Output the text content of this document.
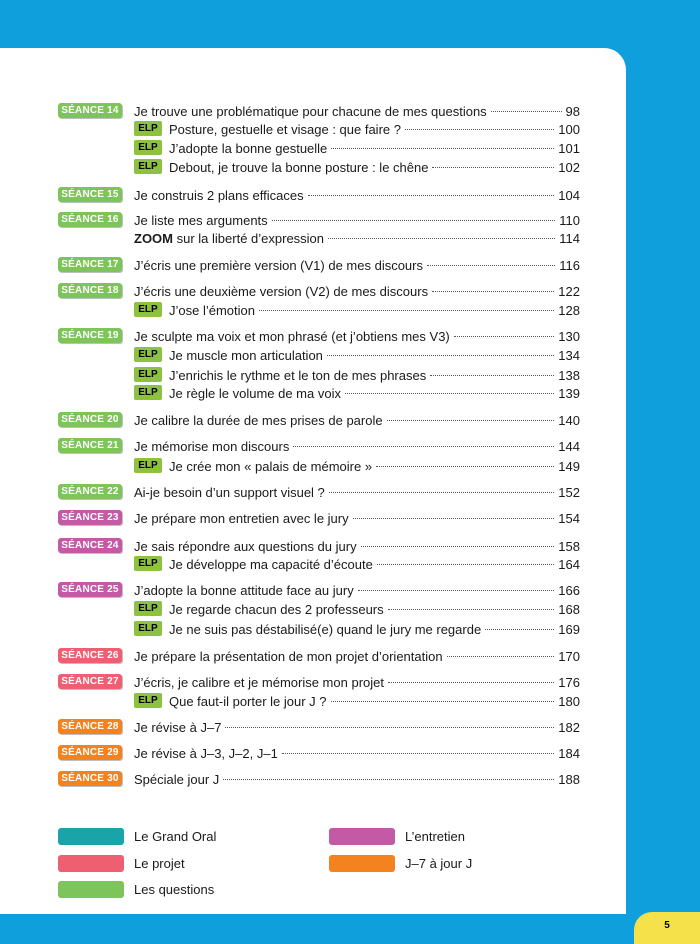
SÉANCE 14 Je trouve une problématique pour chacune de mes questions	98
ELP Posture, gestuelle et visage : que faire ?	100
ELP J’adopte la bonne gestuelle	101
ELP Debout, je trouve la bonne posture : le chêne	102
SÉANCE 15 Je construis 2 plans efficaces	104
SÉANCE 16 Je liste mes arguments	110
ZOOM sur la liberté d’expression	114
SÉANCE 17 J’écris une première version (V1) de mes discours	116
SÉANCE 18 J’écris une deuxième version (V2) de mes discours	122
ELP J’ose l’émotion	128
SÉANCE 19 Je sculpte ma voix et mon phrasé (et j’obtiens mes V3)	130
ELP Je muscle mon articulation	134
ELP J’enrichis le rythme et le ton de mes phrases	138
ELP Je règle le volume de ma voix	139
SÉANCE 20 Je calibre la durée de mes prises de parole	140
SÉANCE 21 Je mémorise mon discours	144
ELP Je crée mon « palais de mémoire »	149
SÉANCE 22 Ai-je besoin d’un support visuel ?	152
SÉANCE 23 Je prépare mon entretien avec le jury	154
SÉANCE 24 Je sais répondre aux questions du jury	158
ELP Je développe ma capacité d’écoute	164
SÉANCE 25 J’adopte la bonne attitude face au jury	166
ELP Je regarde chacun des 2 professeurs	168
ELP Je ne suis pas déstabilisé(e) quand le jury me regarde	169
SÉANCE 26 Je prépare la présentation de mon projet d’orientation	170
SÉANCE 27 J’écris, je calibre et je mémorise mon projet	176
ELP Que faut-il porter le jour J ?	180
SÉANCE 28 Je révise à J–7	182
SÉANCE 29 Je révise à J–3, J–2, J–1	184
SÉANCE 30 Spéciale jour J	188
Le Grand Oral
Le projet
Les questions
L’entretien
J–7 à jour J
5
